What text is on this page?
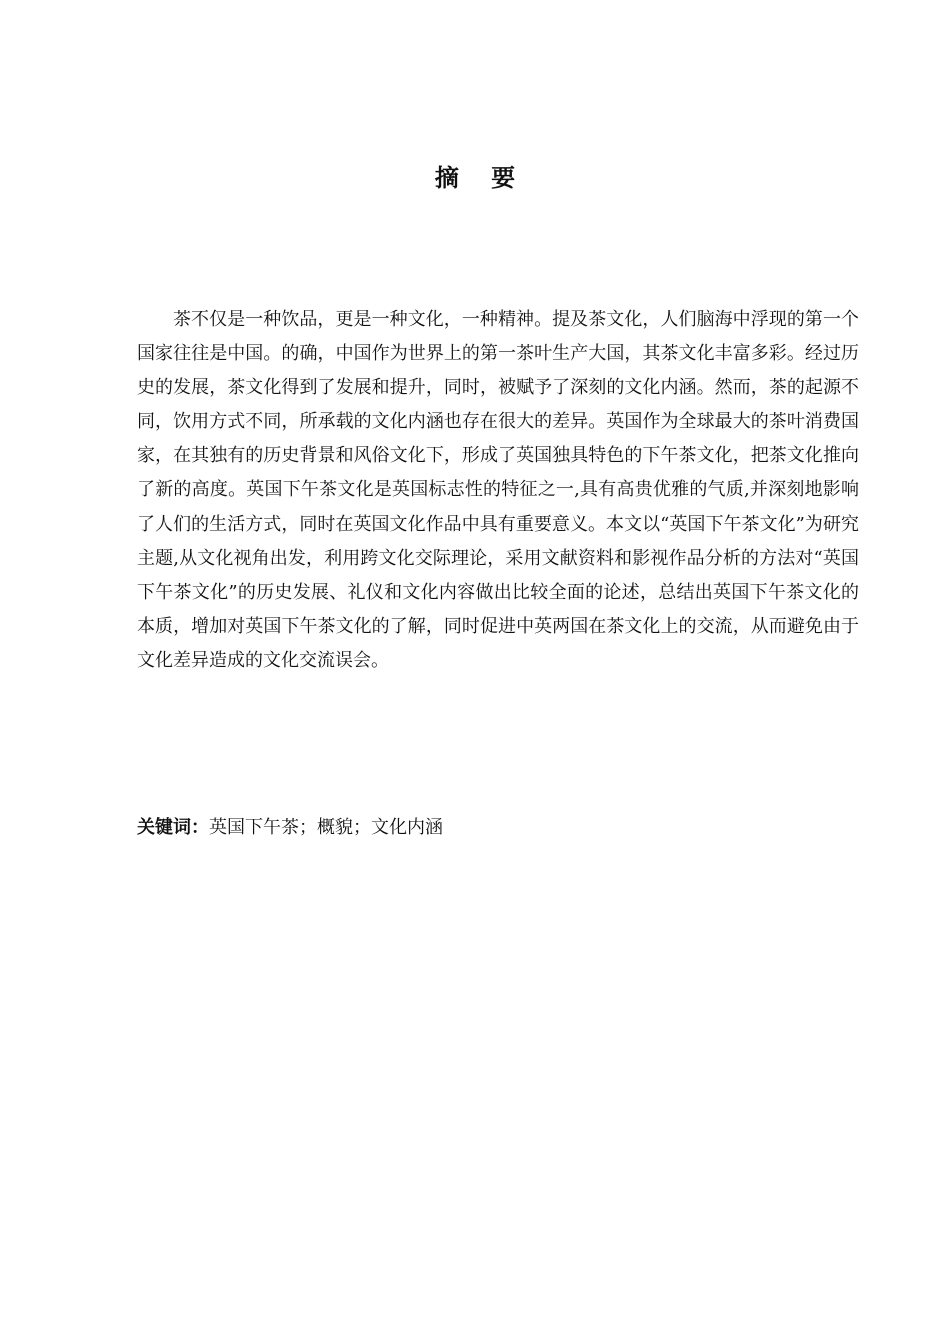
摘 要

茶不仅是一种饮品，更是一种文化，一种精神。提及茶文化，人们脑海中浮现的第一个国家往往是中国。的确，中国作为世界上的第一茶叶生产大国，其茶文化丰富多彩。经过历史的发展，茶文化得到了发展和提升，同时，被赋予了深刻的文化内涵。然而，茶的起源不同，饮用方式不同，所承载的文化内涵也存在很大的差异。英国作为全球最大的茶叶消费国家，在其独有的历史背景和风俗文化下，形成了英国独具特色的下午茶文化，把茶文化推向了新的高度。英国下午茶文化是英国标志性的特征之一,具有高贵优雅的气质,并深刻地影响了人们的生活方式，同时在英国文化作品中具有重要意义。本文以“英国下午茶文化”为研究主题,从文化视角出发，利用跨文化交际理论，采用文献资料和影视作品分析的方法对“英国下午茶文化”的历史发展、礼仪和文化内容做出比较全面的论述，总结出英国下午茶文化的本质，增加对英国下午茶文化的了解，同时促进中英两国在茶文化上的交流，从而避免由于文化差异造成的文化交流误会。

关键词：英国下午茶；概貌；文化内涵
